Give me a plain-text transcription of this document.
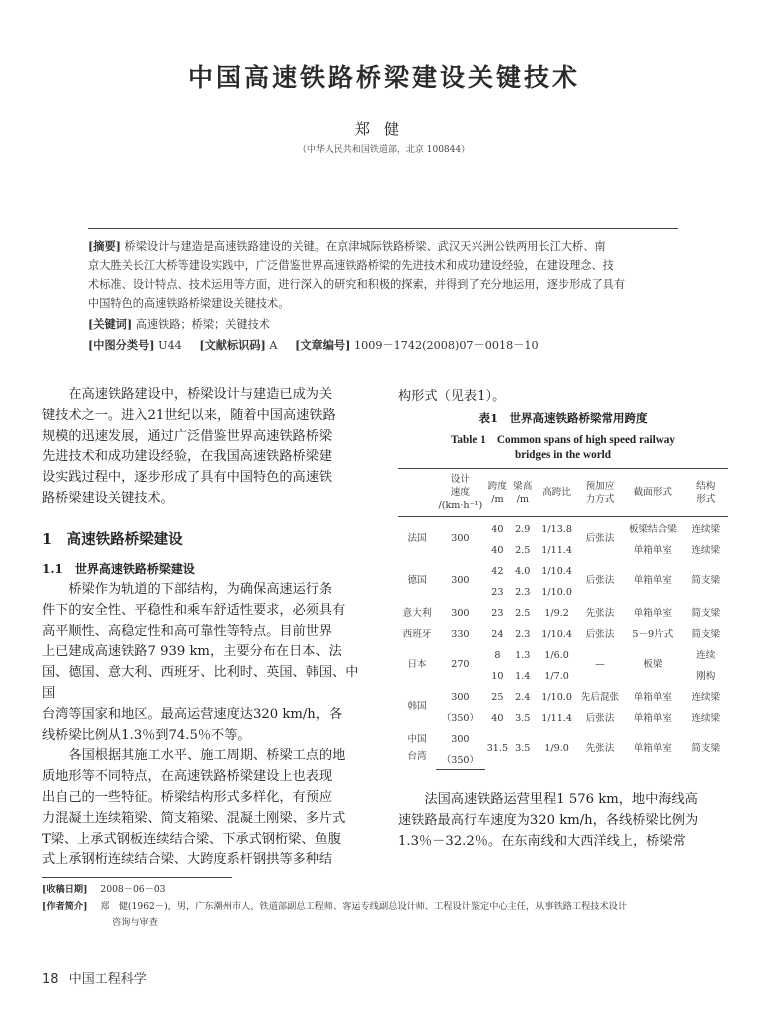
中国高速铁路桥梁建设关键技术
郑健
（中华人民共和国铁道部，北京 100844）
[摘要] 桥梁设计与建造是高速铁路建设的关键。在京津城际铁路桥梁、武汉天兴洲公铁两用长江大桥、南
京大胜关长江大桥等建设实践中，广泛借鉴世界高速铁路桥梁的先进技术和成功建设经验，在建设理念、技
术标准、设计特点、技术运用等方面，进行深入的研究和积极的探索，并得到了充分地运用，逐步形成了具有
中国特色的高速铁路桥梁建设关键技术。
[关键词] 高速铁路；桥梁；关键技术
[中图分类号] U44 [文献标识码] A [文章编号] 1009－1742(2008)07－0018－10

在高速铁路建设中，桥梁设计与建造已成为关

键技术之一。进入21世纪以来，随着中国高速铁路

规模的迅速发展，通过广泛借鉴世界高速铁路桥梁

先进技术和成功建设经验，在我国高速铁路桥梁建

设实践过程中，逐步形成了具有中国特色的高速铁

路桥梁建设关键技术。

1　高速铁路桥梁建设
1.1　世界高速铁路桥梁建设

桥梁作为轨道的下部结构，为确保高速运行条

件下的安全性、平稳性和乘车舒适性要求，必须具有

高平顺性、高稳定性和高可靠性等特点。目前世界

上已建成高速铁路7 939 km，主要分布在日本、法

国、德国、意大利、西班牙、比利时、英国、韩国、中国

台湾等国家和地区。最高运营速度达320 km/h，各

线桥梁比例从1.3％到74.5％不等。

各国根据其施工水平、施工周期、桥梁工点的地

质地形等不同特点，在高速铁路桥梁建设上也表现

出自己的一些特征。桥梁结构形式多样化，有预应

力混凝土连续箱梁、简支箱梁、混凝土刚梁、多片式

T梁、上承式钢板连续结合梁、下承式钢桁梁、鱼腹

式上承钢桁连续结合梁、大跨度系杆钢拱等多种结

构形式（见表1）。
表1　世界高速铁路桥梁常用跨度
Table 1　Common spans of high speed railway
bridges in the world
	设计
速度
/(km·h⁻¹)	跨度
/m	梁高
/m	高跨比	预加应
力方式	截面形式	结构
形式
法国	300	40	2.9	1/13.8	后张法	板梁结合梁	连续梁
		40	2.5	1/11.4		单箱单室	连续梁
德国	300	42	4.0	1/10.4	后张法	单箱单室	简支梁
		23	2.3	1/10.0			
意大利	300	23	2.5	1/9.2	先张法	单箱单室	简支梁
西班牙	330	24	2.3	1/10.4	后张法	5－9片式	简支梁
日本	270	8	1.3	1/6.0	—	板梁	连续
		10	1.4	1/7.0			刚构
韩国	300	25	2.4	1/10.0	先后混张	单箱单室	连续梁
	（350）	40	3.5	1/11.4	后张法	单箱单室	连续梁
中国
台湾	300	31.5	3.5	1/9.0	先张法	单箱单室	简支梁
	（350）						

法国高速铁路运营里程1 576 km，地中海线高

速铁路最高行车速度为320 km/h，各线桥梁比例为

1.3％－32.2％。在东南线和大西洋线上，桥梁常

[收稿日期] 2008－06－03
[作者简介] 郑　健(1962－)，男，广东潮州市人，铁道部副总工程师、客运专线副总设计师、工程设计鉴定中心主任，从事铁路工程技术设计
咨询与审查
18 中国工程科学
